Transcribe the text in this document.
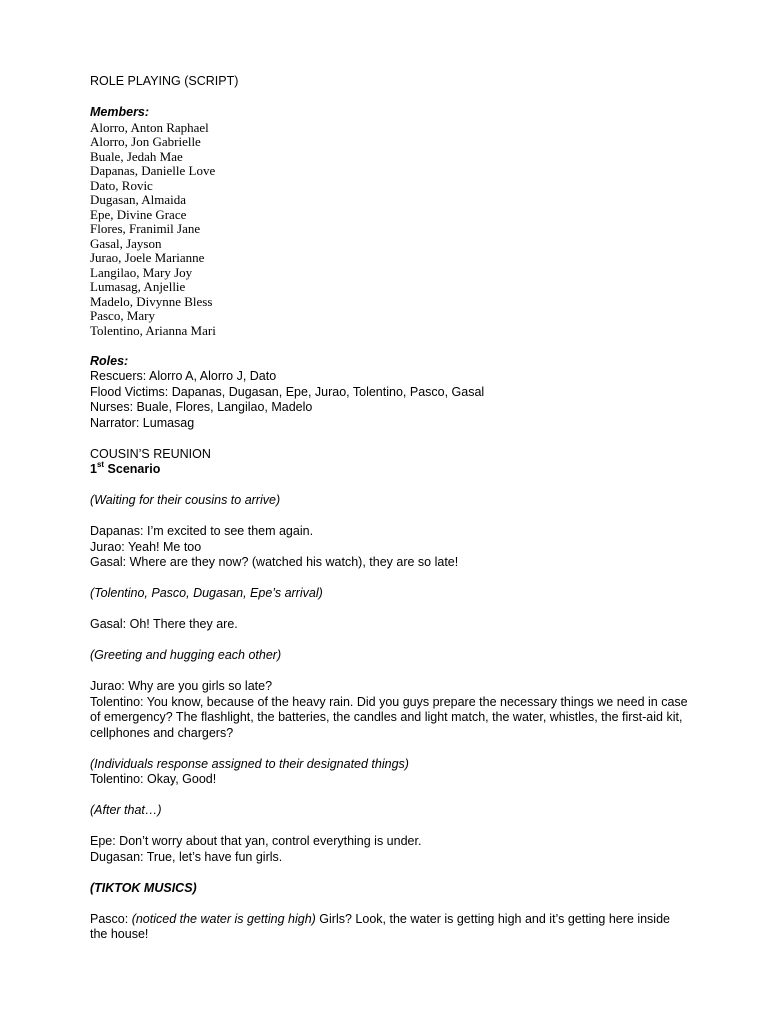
ROLE PLAYING (SCRIPT)
Members:
Alorro, Anton Raphael
Alorro, Jon Gabrielle
Buale, Jedah Mae
Dapanas, Danielle Love
Dato, Rovic
Dugasan, Almaida
Epe, Divine Grace
Flores, Franimil Jane
Gasal, Jayson
Jurao, Joele Marianne
Langilao, Mary Joy
Lumasag, Anjellie
Madelo, Divynne Bless
Pasco, Mary
Tolentino, Arianna Mari
Roles:
Rescuers: Alorro A, Alorro J, Dato
Flood Victims: Dapanas, Dugasan, Epe, Jurao, Tolentino, Pasco, Gasal
Nurses: Buale, Flores, Langilao, Madelo
Narrator: Lumasag
COUSIN’S REUNION
1st Scenario
(Waiting for their cousins to arrive)
Dapanas: I’m excited to see them again.
Jurao: Yeah! Me too
Gasal: Where are they now? (watched his watch), they are so late!
(Tolentino, Pasco, Dugasan, Epe’s arrival)
Gasal: Oh! There they are.
(Greeting and hugging each other)
Jurao: Why are you girls so late?
Tolentino: You know, because of the heavy rain. Did you guys prepare the necessary things we need in case of emergency? The flashlight, the batteries, the candles and light match, the water, whistles, the first-aid kit, cellphones and chargers?
(Individuals response assigned to their designated things)
Tolentino: Okay, Good!
(After that…)
Epe: Don’t worry about that yan, control everything is under.
Dugasan: True, let’s have fun girls.
(TIKTOK MUSICS)
Pasco: (noticed the water is getting high) Girls? Look, the water is getting high and it’s getting here inside the house!
